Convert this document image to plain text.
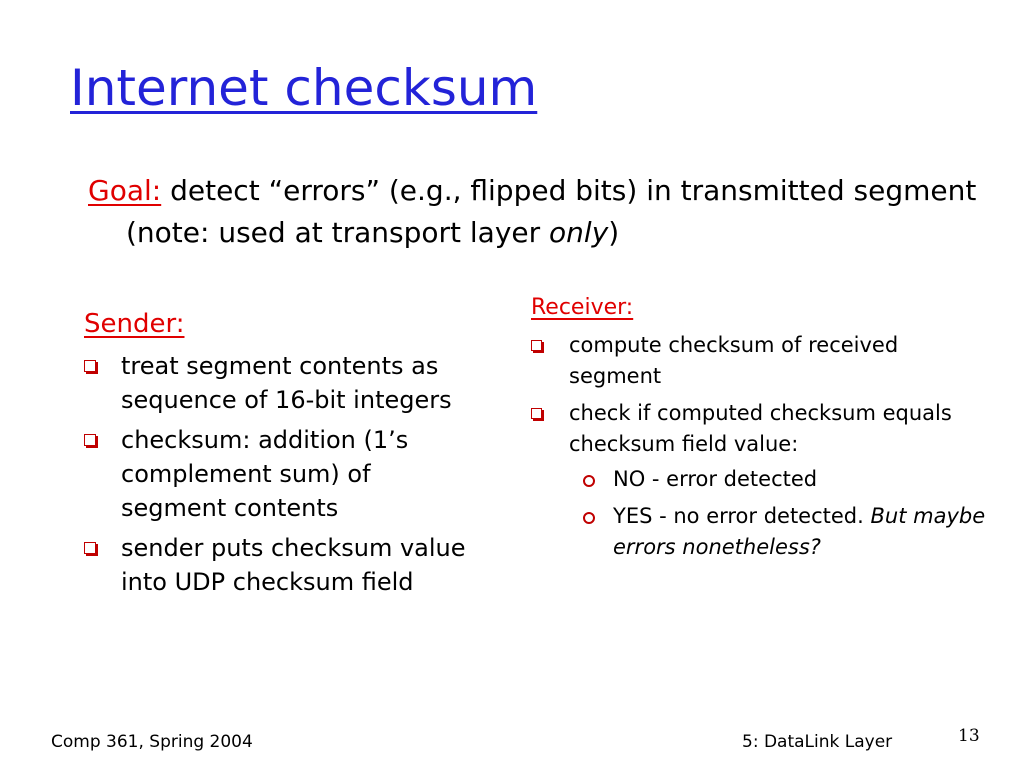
Internet checksum
Goal: detect “errors” (e.g., flipped bits) in transmitted segment (note: used at transport layer only)
Sender:
treat segment contents as sequence of 16-bit integers
checksum: addition (1’s complement sum) of segment contents
sender puts checksum value into UDP checksum field
Receiver:
compute checksum of received segment
check if computed checksum equals checksum field value:
NO - error detected
YES - no error detected. But maybe errors nonetheless?
Comp 361, Spring 2004	5: DataLink Layer	13
